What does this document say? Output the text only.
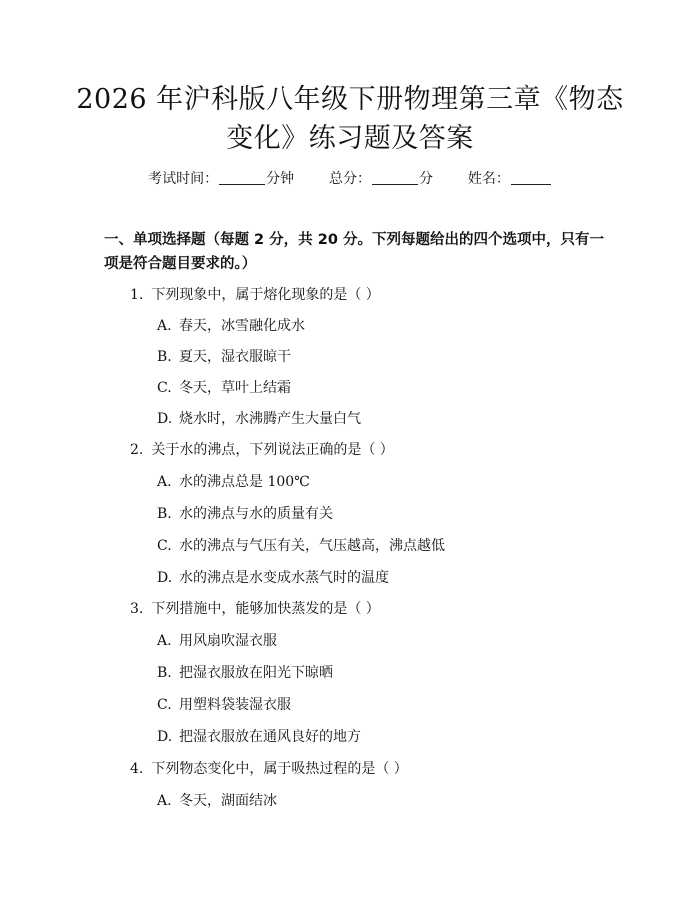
2026 年沪科版八年级下册物理第三章《物态
变化》练习题及答案
考试时间：	分钟 总分：	分 姓名：
一、单项选择题（每题 2 分，共 20 分。下列每题给出的四个选项中，只有一项是符合题目要求的。）
1. 下列现象中，属于熔化现象的是（ ）
A. 春天，冰雪融化成水
B. 夏天，湿衣服晾干
C. 冬天，草叶上结霜
D. 烧水时，水沸腾产生大量白气
2. 关于水的沸点，下列说法正确的是（ ）
A. 水的沸点总是 100℃
B. 水的沸点与水的质量有关
C. 水的沸点与气压有关，气压越高，沸点越低
D. 水的沸点是水变成水蒸气时的温度
3. 下列措施中，能够加快蒸发的是（ ）
A. 用风扇吹湿衣服
B. 把湿衣服放在阳光下晾晒
C. 用塑料袋装湿衣服
D. 把湿衣服放在通风良好的地方
4. 下列物态变化中，属于吸热过程的是（ ）
A. 冬天，湖面结冰
